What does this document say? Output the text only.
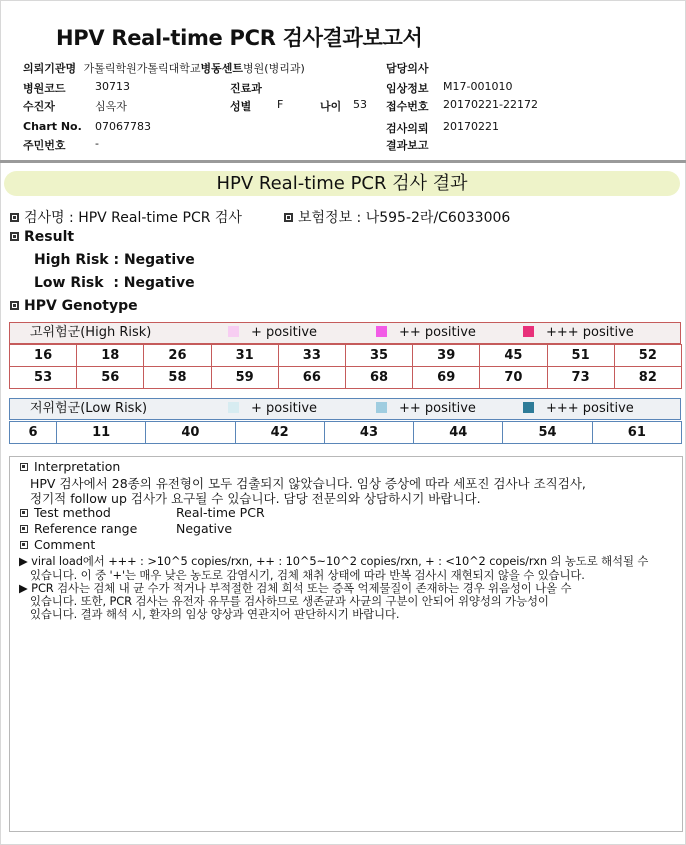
HPV Real-time PCR 검사결과보고서
의뢰기관명 가톨릭학원가톨릭대학교병동센트병원(병리과)	담당의사
병원코드	30713	진료과	임상정보 M17-001010
수진자	심옥자	성별 F	나이 53 접수번호 20170221-22172
Chart No. 07067783	검사의뢰 20170221
주민번호	-	결과보고
HPV Real-time PCR 검사 결과
검사명 : HPV Real-time PCR 검사	보험정보 : 나595-2라/C6033006
Result
High Risk : Negative
Low Risk  : Negative
HPV Genotype
고위험군(High Risk)	+ positive	++ positive	+++ positive
16	18	26	31	33	35	39	45	51	52
53	56	58	59	66	68	69	70	73	82
저위험군(Low Risk)	+ positive	++ positive	+++ positive
6	11	40	42	43	44	54	61
Interpretation
HPV 검사에서 28종의 유전형이 모두 검출되지 않았습니다. 임상 증상에 따라 세포진 검사나 조직검사,
정기적 follow up 검사가 요구될 수 있습니다. 담당 전문의와 상담하시기 바랍니다.
Test method	Real-time PCR
Reference range	Negative
Comment
▶ viral load에서 +++ : >10^5 copies/rxn, ++ : 10^5~10^2 copies/rxn, + : <10^2 copeis/rxn 의 농도로 해석될 수
있습니다. 이 중 '+'는 매우 낮은 농도로 감염시기, 검체 채취 상태에 따라 반복 검사시 재현되지 않을 수 있습니다.
▶ PCR 검사는 검체 내 균 수가 적거나 부적절한 검체 희석 또는 증폭 억제물질이 존재하는 경우 위음성이 나올 수
있습니다. 또한, PCR 검사는 유전자 유무를 검사하므로 생존균과 사균의 구분이 안되어 위양성의 가능성이
있습니다. 결과 해석 시, 환자의 임상 양상과 연관지어 판단하시기 바랍니다.
